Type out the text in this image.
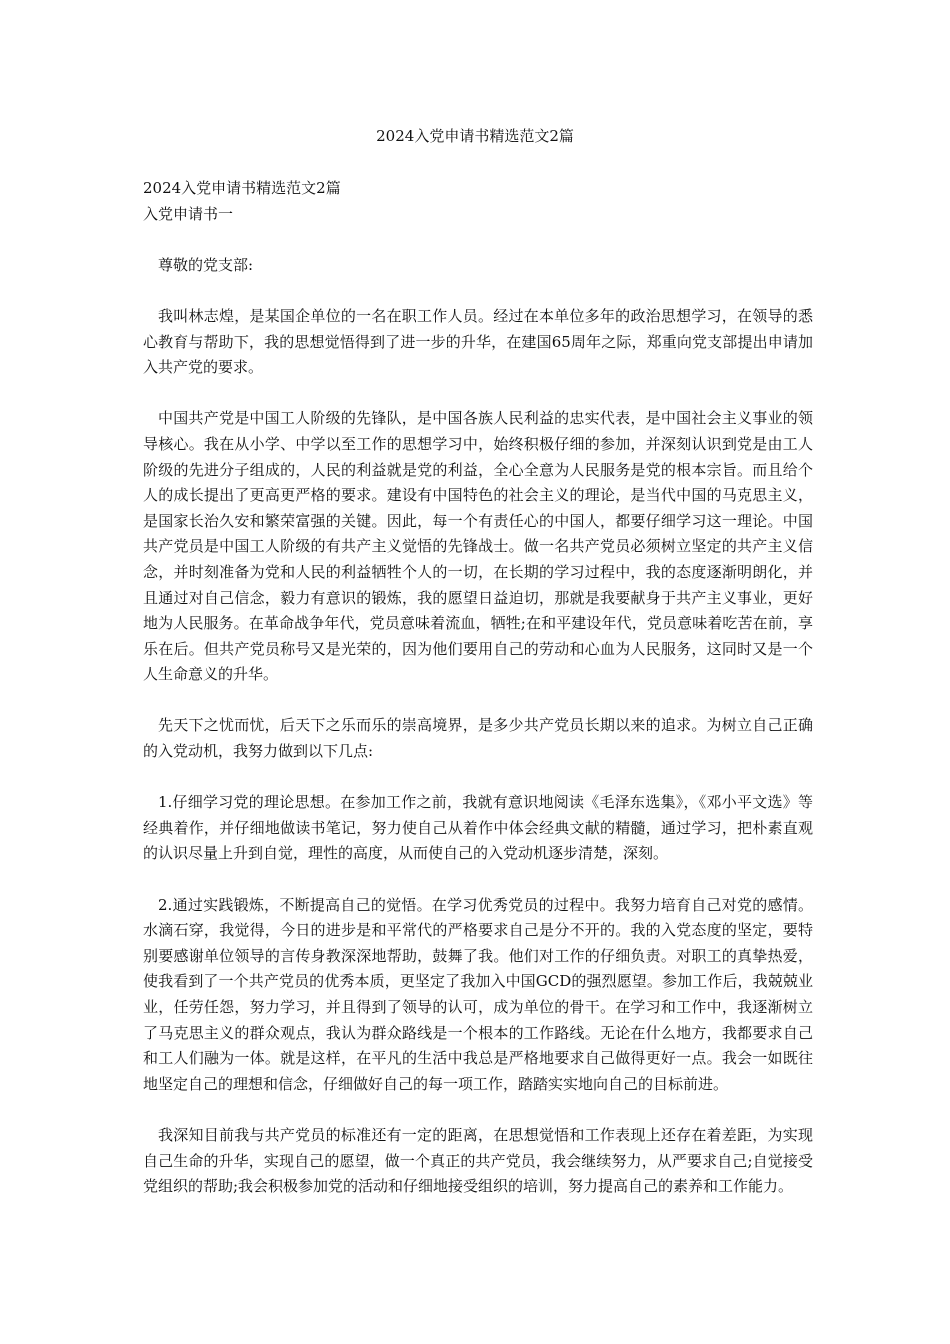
2024入党申请书精选范文2篇

2024入党申请书精选范文2篇

入党申请书一

尊敬的党支部:

我叫林志煌，是某国企单位的一名在职工作人员。经过在本单位多年的政治思想学习，在领导的悉心教育与帮助下，我的思想觉悟得到了进一步的升华，在建国65周年之际，郑重向党支部提出申请加入共产党的要求。

中国共产党是中国工人阶级的先锋队，是中国各族人民利益的忠实代表，是中国社会主义事业的领导核心。我在从小学、中学以至工作的思想学习中，始终积极仔细的参加，并深刻认识到党是由工人阶级的先进分子组成的，人民的利益就是党的利益，全心全意为人民服务是党的根本宗旨。而且给个人的成长提出了更高更严格的要求。建设有中国特色的社会主义的理论，是当代中国的马克思主义，是国家长治久安和繁荣富强的关键。因此，每一个有责任心的中国人，都要仔细学习这一理论。中国共产党员是中国工人阶级的有共产主义觉悟的先锋战士。做一名共产党员必须树立坚定的共产主义信念，并时刻准备为党和人民的利益牺牲个人的一切，在长期的学习过程中，我的态度逐渐明朗化，并且通过对自己信念，毅力有意识的锻炼，我的愿望日益迫切，那就是我要献身于共产主义事业，更好地为人民服务。在革命战争年代，党员意味着流血，牺牲;在和平建设年代，党员意味着吃苦在前，享乐在后。但共产党员称号又是光荣的，因为他们要用自己的劳动和心血为人民服务，这同时又是一个人生命意义的升华。

先天下之忧而忧，后天下之乐而乐的崇高境界，是多少共产党员长期以来的追求。为树立自己正确的入党动机，我努力做到以下几点:

1.仔细学习党的理论思想。在参加工作之前，我就有意识地阅读《毛泽东选集》，《邓小平文选》等经典着作，并仔细地做读书笔记，努力使自己从着作中体会经典文献的精髓，通过学习，把朴素直观的认识尽量上升到自觉，理性的高度，从而使自己的入党动机逐步清楚，深刻。

2.通过实践锻炼，不断提高自己的觉悟。在学习优秀党员的过程中。我努力培育自己对党的感情。水滴石穿，我觉得，今日的进步是和平常代的严格要求自己是分不开的。我的入党态度的坚定，要特别要感谢单位领导的言传身教深深地帮助，鼓舞了我。他们对工作的仔细负责。对职工的真挚热爱，使我看到了一个共产党员的优秀本质，更坚定了我加入中国GCD的强烈愿望。参加工作后，我兢兢业业，任劳任怨，努力学习，并且得到了领导的认可，成为单位的骨干。在学习和工作中，我逐渐树立了马克思主义的群众观点，我认为群众路线是一个根本的工作路线。无论在什么地方，我都要求自己和工人们融为一体。就是这样，在平凡的生活中我总是严格地要求自己做得更好一点。我会一如既往地坚定自己的理想和信念，仔细做好自己的每一项工作，踏踏实实地向自己的目标前进。

我深知目前我与共产党员的标准还有一定的距离，在思想觉悟和工作表现上还存在着差距，为实现自己生命的升华，实现自己的愿望，做一个真正的共产党员，我会继续努力，从严要求自己;自觉接受党组织的帮助;我会积极参加党的活动和仔细地接受组织的培训，努力提高自己的素养和工作能力。
